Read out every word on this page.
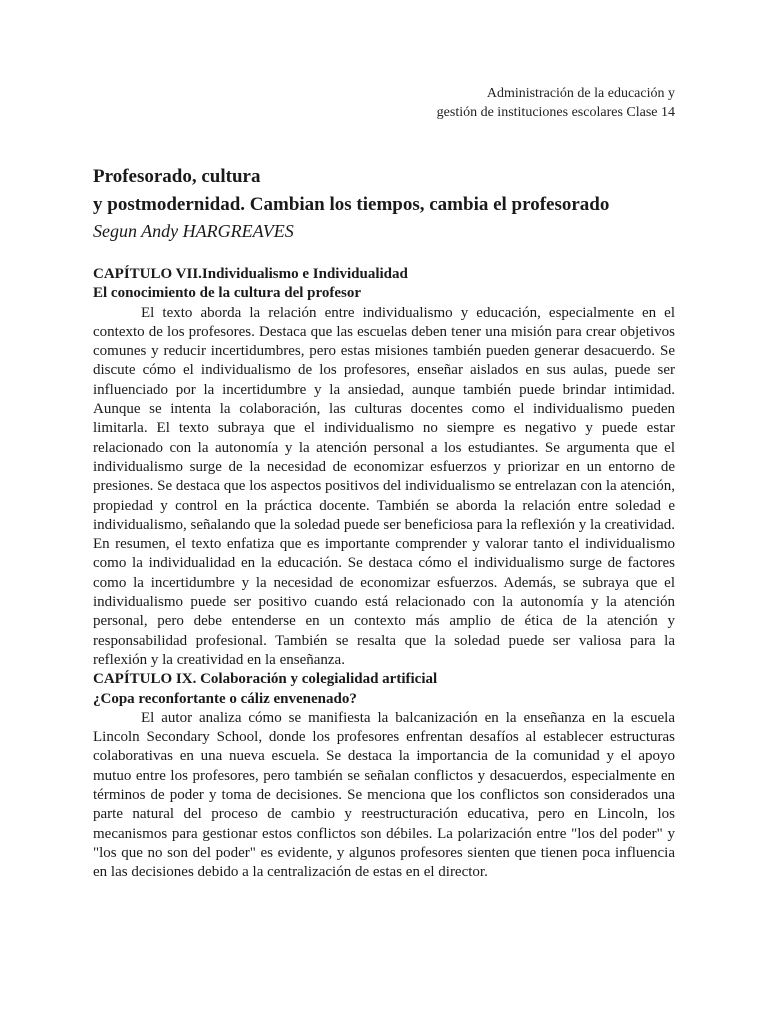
Administración de la educación y
gestión de instituciones escolares Clase 14

Profesorado, cultura

y postmodernidad. Cambian los tiempos, cambia el profesorado

Segun Andy HARGREAVES

CAPÍTULO VII.Individualismo e Individualidad

El conocimiento de la cultura del profesor

El texto aborda la relación entre individualismo y educación, especialmente en el contexto de los profesores. Destaca que las escuelas deben tener una misión para crear objetivos comunes y reducir incertidumbres, pero estas misiones también pueden generar desacuerdo. Se discute cómo el individualismo de los profesores, enseñar aislados en sus aulas, puede ser influenciado por la incertidumbre y la ansiedad, aunque también puede brindar intimidad. Aunque se intenta la colaboración, las culturas docentes como el individualismo pueden limitarla. El texto subraya que el individualismo no siempre es negativo y puede estar relacionado con la autonomía y la atención personal a los estudiantes. Se argumenta que el individualismo surge de la necesidad de economizar esfuerzos y priorizar en un entorno de presiones. Se destaca que los aspectos positivos del individualismo se entrelazan con la atención, propiedad y control en la práctica docente. También se aborda la relación entre soledad e individualismo, señalando que la soledad puede ser beneficiosa para la reflexión y la creatividad. En resumen, el texto enfatiza que es importante comprender y valorar tanto el individualismo como la individualidad en la educación. Se destaca cómo el individualismo surge de factores como la incertidumbre y la necesidad de economizar esfuerzos. Además, se subraya que el individualismo puede ser positivo cuando está relacionado con la autonomía y la atención personal, pero debe entenderse en un contexto más amplio de ética de la atención y responsabilidad profesional. También se resalta que la soledad puede ser valiosa para la reflexión y la creatividad en la enseñanza.

CAPÍTULO IX. Colaboración y colegialidad artificial

¿Copa reconfortante o cáliz envenenado?

El autor analiza cómo se manifiesta la balcanización en la enseñanza en la escuela Lincoln Secondary School, donde los profesores enfrentan desafíos al establecer estructuras colaborativas en una nueva escuela. Se destaca la importancia de la comunidad y el apoyo mutuo entre los profesores, pero también se señalan conflictos y desacuerdos, especialmente en términos de poder y toma de decisiones. Se menciona que los conflictos son considerados una parte natural del proceso de cambio y reestructuración educativa, pero en Lincoln, los mecanismos para gestionar estos conflictos son débiles. La polarización entre "los del poder" y "los que no son del poder" es evidente, y algunos profesores sienten que tienen poca influencia en las decisiones debido a la centralización de estas en el director.
